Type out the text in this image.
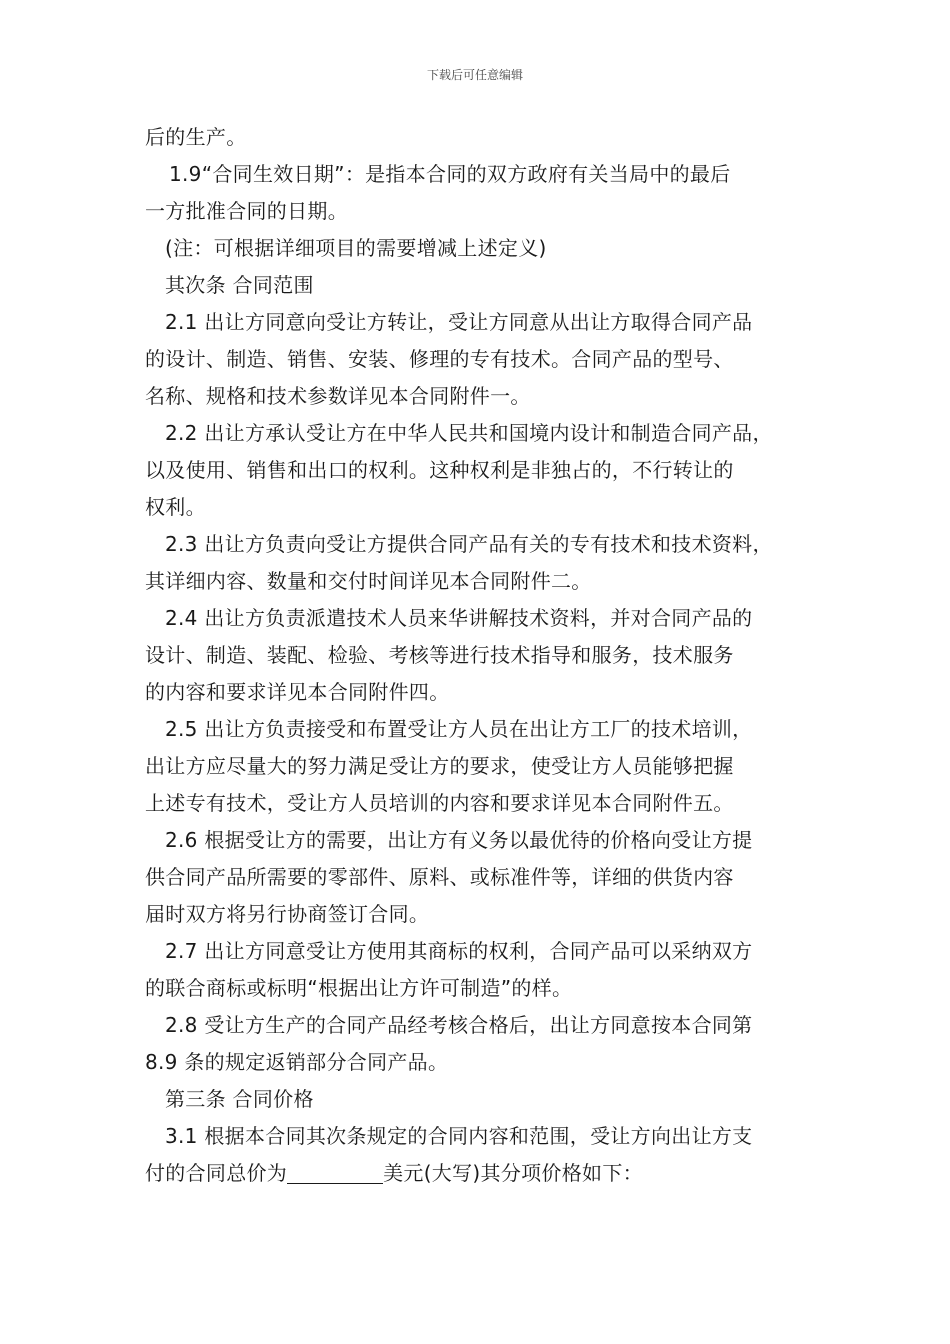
下载后可任意编辑
后的生产。
1.9“合同生效日期”：是指本合同的双方政府有关当局中的最后
一方批准合同的日期。
(注：可根据详细项目的需要增减上述定义)
其次条 合同范围
2.1 出让方同意向受让方转让，受让方同意从出让方取得合同产品
的设计、制造、销售、安装、修理的专有技术。合同产品的型号、
名称、规格和技术参数详见本合同附件一。
2.2 出让方承认受让方在中华人民共和国境内设计和制造合同产品，
以及使用、销售和出口的权利。这种权利是非独占的，不行转让的
权利。
2.3 出让方负责向受让方提供合同产品有关的专有技术和技术资料，
其详细内容、数量和交付时间详见本合同附件二。
2.4 出让方负责派遣技术人员来华讲解技术资料，并对合同产品的
设计、制造、装配、检验、考核等进行技术指导和服务，技术服务
的内容和要求详见本合同附件四。
2.5 出让方负责接受和布置受让方人员在出让方工厂的技术培训，
出让方应尽量大的努力满足受让方的要求，使受让方人员能够把握
上述专有技术，受让方人员培训的内容和要求详见本合同附件五。
2.6 根据受让方的需要，出让方有义务以最优待的价格向受让方提
供合同产品所需要的零部件、原料、或标准件等，详细的供货内容
届时双方将另行协商签订合同。
2.7 出让方同意受让方使用其商标的权利，合同产品可以采纳双方
的联合商标或标明“根据出让方许可制造”的样。
2.8 受让方生产的合同产品经考核合格后，出让方同意按本合同第
8.9 条的规定返销部分合同产品。
第三条 合同价格
3.1 根据本合同其次条规定的合同内容和范围，受让方向出让方支
付的合同总价为	美元(大写)其分项价格如下：
